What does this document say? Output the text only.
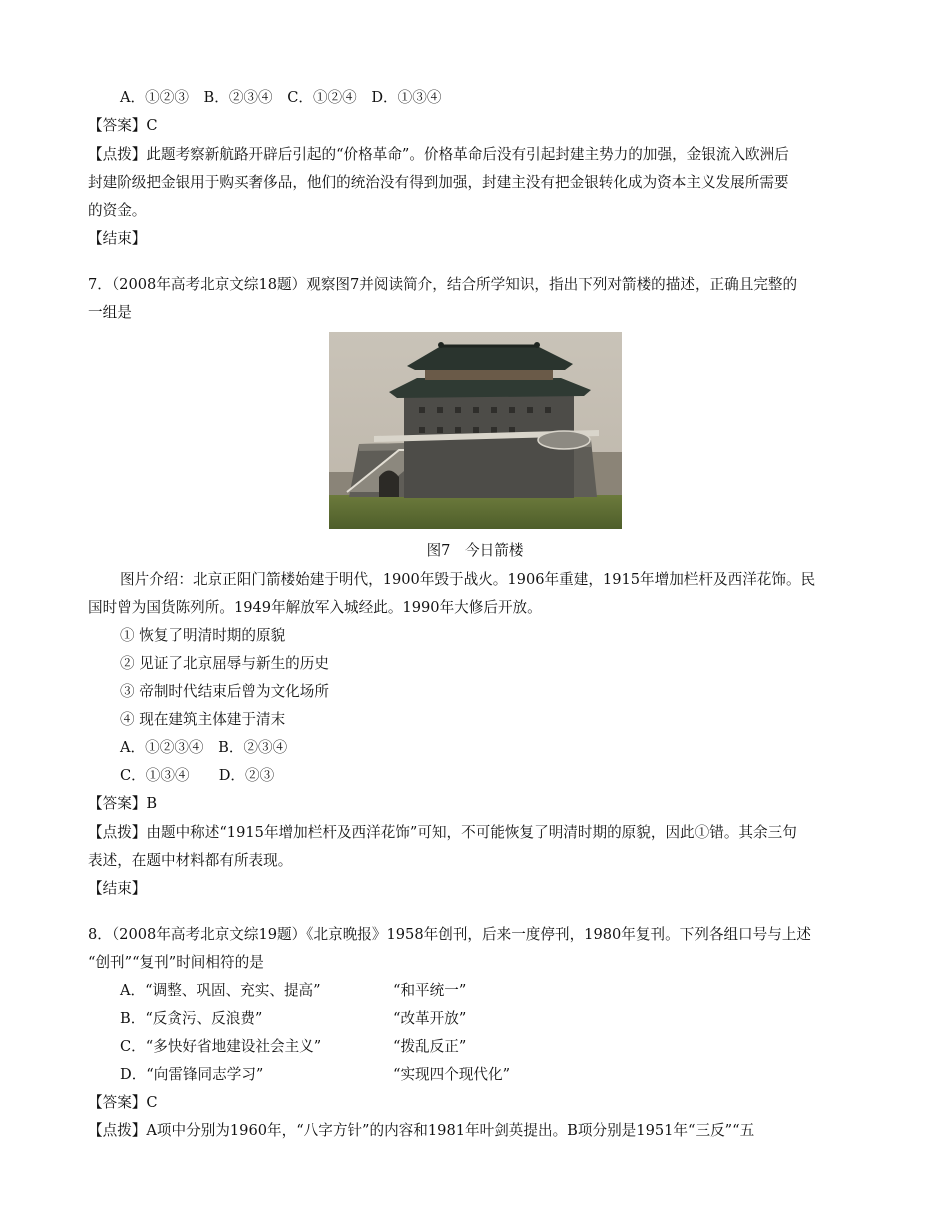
A．①②③　B．②③④　C．①②④　D．①③④
【答案】C
【点拨】此题考察新航路开辟后引起的“价格革命”。价格革命后没有引起封建主势力的加强，金银流入欧洲后
封建阶级把金银用于购买奢侈品，他们的统治没有得到加强，封建主没有把金银转化成为资本主义发展所需要
的资金。
【结束】
7．（2008年高考北京文综18题）观察图7并阅读简介，结合所学知识，指出下列对箭楼的描述，正确且完整的
一组是
图7　今日箭楼
图片介绍：北京正阳门箭楼始建于明代，1900年毁于战火。1906年重建，1915年增加栏杆及西洋花饰。民
国时曾为国货陈列所。1949年解放军入城经此。1990年大修后开放。
① 恢复了明清时期的原貌
② 见证了北京屈辱与新生的历史
③ 帝制时代结束后曾为文化场所
④ 现在建筑主体建于清末
A．①②③④　B．②③④
C．①③④　　D．②③
【答案】B
【点拨】由题中称述“1915年增加栏杆及西洋花饰”可知，不可能恢复了明清时期的原貌，因此①错。其余三句
表述，在题中材料都有所表现。
【结束】
8．（2008年高考北京文综19题）《北京晚报》1958年创刊，后来一度停刊，1980年复刊。下列各组口号与上述
“创刊”“复刊”时间相符的是
A．“调整、巩固、充实、提高”	“和平统一”
B．“反贪污、反浪费”	“改革开放”
C．“多快好省地建设社会主义”	“拨乱反正”
D．“向雷锋同志学习”	“实现四个现代化”
【答案】C
【点拨】A项中分别为1960年，“八字方针”的内容和1981年叶剑英提出。B项分别是1951年“三反”“五
